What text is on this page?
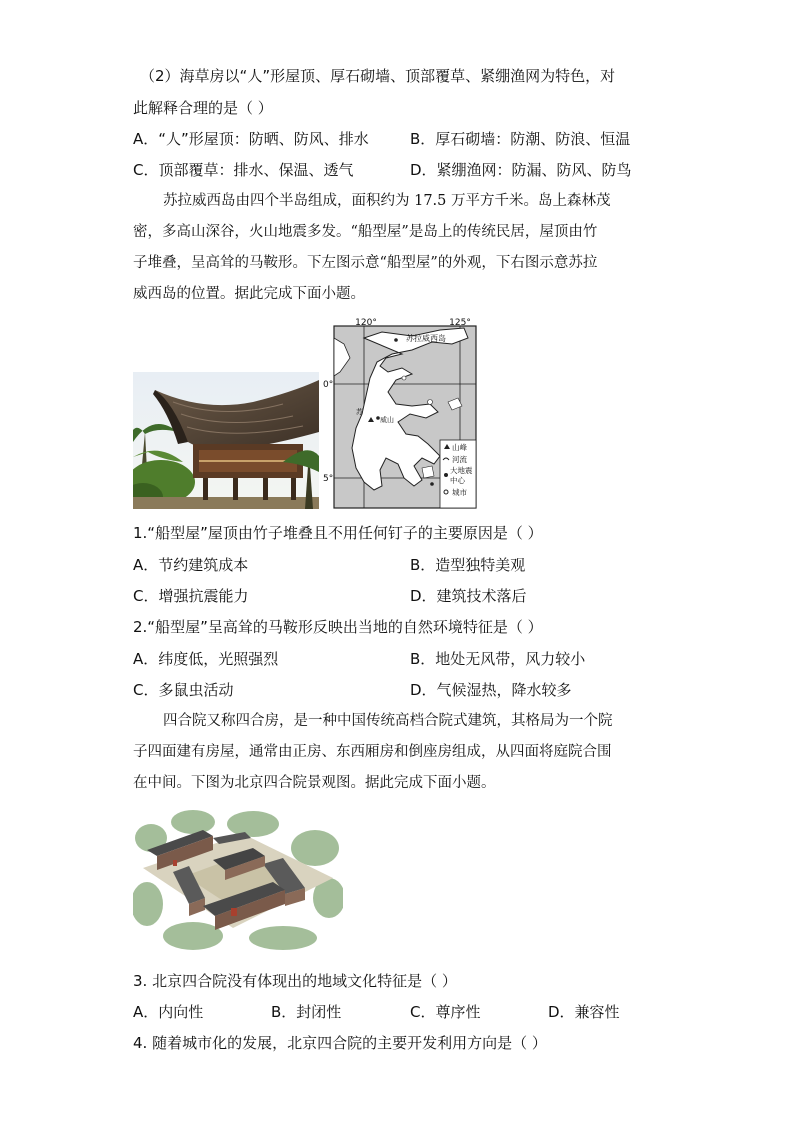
（2）海草房以“人”形屋顶、厚石砌墙、顶部覆草、紧绷渔网为特色，对
此解释合理的是（ ）
A．“人”形屋顶：防晒、防风、排水	B．厚石砌墙：防潮、防浪、恒温
C．顶部覆草：排水、保温、透气	D．紧绷渔网：防漏、防风、防鸟
苏拉威西岛由四个半岛组成，面积约为 17.5 万平方千米。岛上森林茂
密，多高山深谷，火山地震多发。“船型屋”是岛上的传统民居，屋顶由竹
子堆叠，呈高耸的马鞍形。下左图示意“船型屋”的外观，下右图示意苏拉
威西岛的位置。据此完成下面小题。
120°	125°
0°
5°
苏拉威西岛
苏
威山
山峰
河流
大地震
中心
城市
1.“船型屋”屋顶由竹子堆叠且不用任何钉子的主要原因是（ ）
A．节约建筑成本	B．造型独特美观
C．增强抗震能力	D．建筑技术落后
2.“船型屋”呈高耸的马鞍形反映出当地的自然环境特征是（ ）
A．纬度低，光照强烈	B．地处无风带，风力较小
C．多鼠虫活动	D．气候湿热，降水较多
四合院又称四合房，是一种中国传统高档合院式建筑，其格局为一个院
子四面建有房屋，通常由正房、东西厢房和倒座房组成，从四面将庭院合围
在中间。下图为北京四合院景观图。据此完成下面小题。
3. 北京四合院没有体现出的地域文化特征是（ ）
A．内向性	B．封闭性	C．尊序性	D．兼容性
4. 随着城市化的发展，北京四合院的主要开发利用方向是（ ）
